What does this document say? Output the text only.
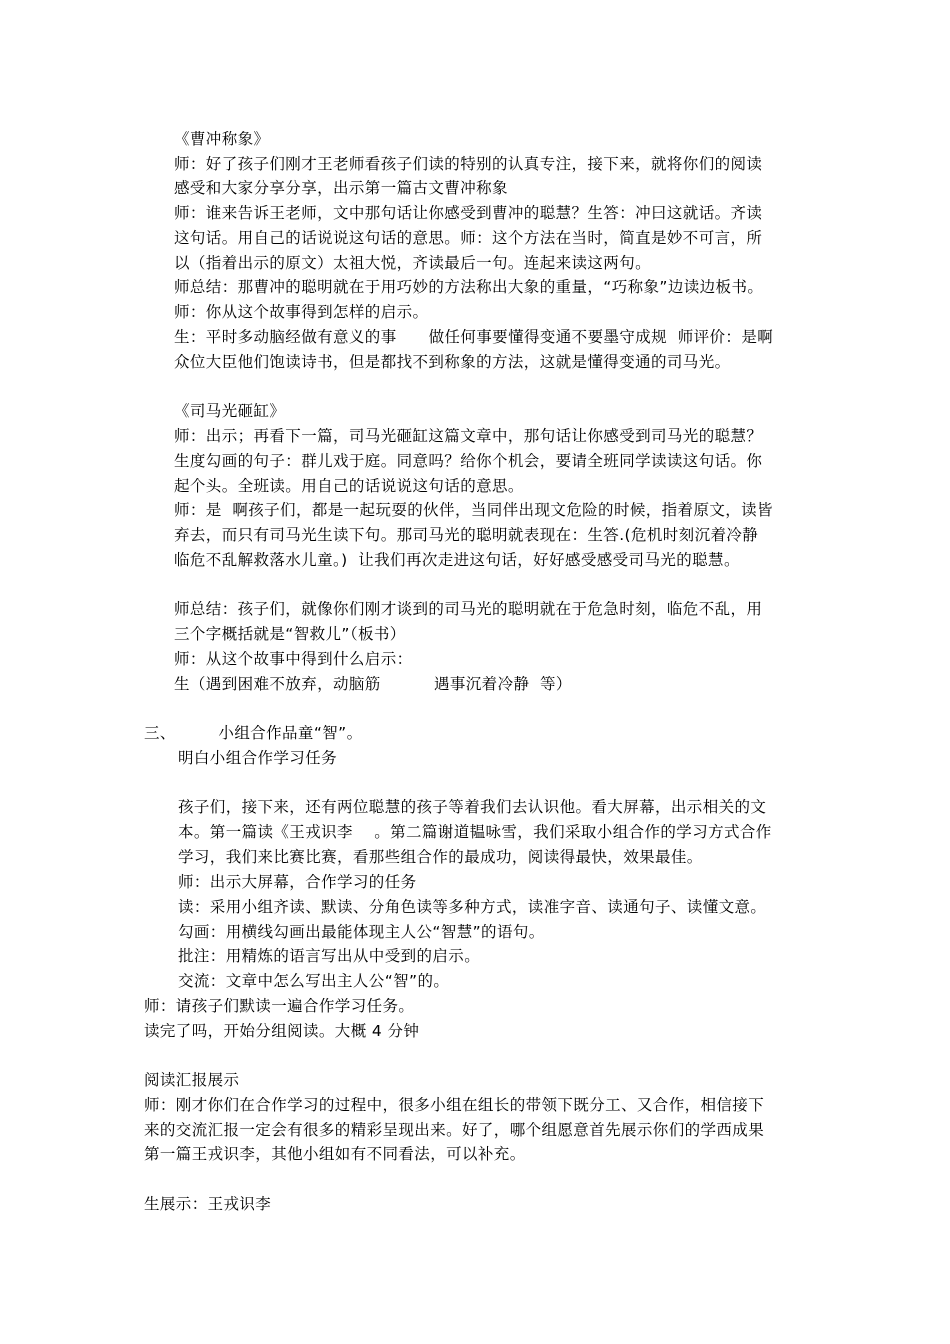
《曹冲称象》
师：好了孩子们刚才王老师看孩子们读的特别的认真专注，接下来，就将你们的阅读
感受和大家分享分享，出示第一篇古文曹冲称象
师：谁来告诉王老师，文中那句话让你感受到曹冲的聪慧？生答：冲曰这就话。齐读
这句话。用自己的话说说这句话的意思。师：这个方法在当时，简直是妙不可言，所
以（指着出示的原文）太祖大悦，齐读最后一句。连起来读这两句。
师总结：那曹冲的聪明就在于用巧妙的方法称出大象的重量，“巧称象”边读边板书。
师：你从这个故事得到怎样的启示。
生：平时多动脑经做有意义的事      做任何事要懂得变通不要墨守成规  师评价：是啊
众位大臣他们饱读诗书，但是都找不到称象的方法，这就是懂得变通的司马光。
《司马光砸缸》
师：出示；再看下一篇，司马光砸缸这篇文章中，那句话让你感受到司马光的聪慧？
生度勾画的句子：群儿戏于庭。同意吗？给你个机会，要请全班同学读读这句话。你
起个头。全班读。用自己的话说说这句话的意思。
师：是  啊孩子们，都是一起玩耍的伙伴，当同伴出现文危险的时候，指着原文，读皆
弃去，而只有司马光生读下句。那司马光的聪明就表现在：生答.(危机时刻沉着冷静
临危不乱解救落水儿童。)  让我们再次走进这句话，好好感受感受司马光的聪慧。
师总结：孩子们，就像你们刚才谈到的司马光的聪明就在于危急时刻，临危不乱，用
三个字概括就是“智救儿”（板书）
师：从这个故事中得到什么启示：
生（遇到困难不放弃，动脑筋          遇事沉着冷静  等）
三、        小组合作品童“智”。
明白小组合作学习任务
孩子们，接下来，还有两位聪慧的孩子等着我们去认识他。看大屏幕，出示相关的文
本。第一篇读《王戎识李    。第二篇谢道韫咏雪，我们采取小组合作的学习方式合作
学习，我们来比赛比赛，看那些组合作的最成功，阅读得最快，效果最佳。
师：出示大屏幕，合作学习的任务
读：采用小组齐读、默读、分角色读等多种方式，读准字音、读通句子、读懂文意。
勾画：用横线勾画出最能体现主人公“智慧”的语句。
批注：用精炼的语言写出从中受到的启示。
交流：文章中怎么写出主人公“智”的。
师：请孩子们默读一遍合作学习任务。
读完了吗，开始分组阅读。大概 4 分钟
阅读汇报展示
师：刚才你们在合作学习的过程中，很多小组在组长的带领下既分工、又合作，相信接下
来的交流汇报一定会有很多的精彩呈现出来。好了，哪个组愿意首先展示你们的学西成果
第一篇王戎识李，其他小组如有不同看法，可以补充。
生展示：王戎识李
